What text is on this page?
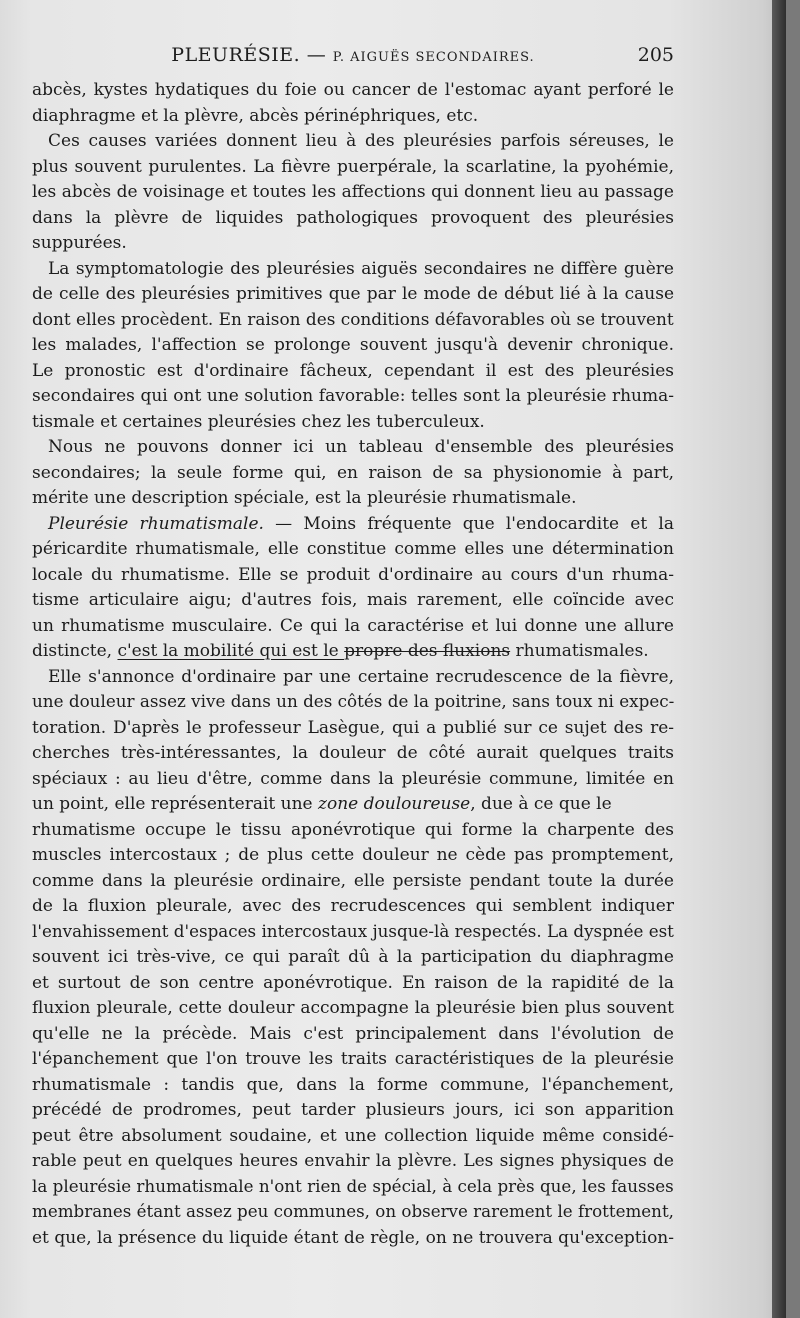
PLEURÉSIE. — P. AIGUËS SECONDAIRES.	205
abcès, kystes hydatiques du foie ou cancer de l'estomac ayant perforé le
diaphragme et la plèvre, abcès périnéphriques, etc.
Ces causes variées donnent lieu à des pleurésies parfois séreuses, le
plus souvent purulentes. La fièvre puerpérale, la scarlatine, la pyohémie,
les abcès de voisinage et toutes les affections qui donnent lieu au passage
dans la plèvre de liquides pathologiques provoquent des pleurésies
suppurées.
La symptomatologie des pleurésies aiguës secondaires ne diffère guère
de celle des pleurésies primitives que par le mode de début lié à la cause
dont elles procèdent. En raison des conditions défavorables où se trouvent
les malades, l'affection se prolonge souvent jusqu'à devenir chronique.
Le pronostic est d'ordinaire fâcheux, cependant il est des pleurésies
secondaires qui ont une solution favorable: telles sont la pleurésie rhuma-
tismale et certaines pleurésies chez les tuberculeux.
Nous ne pouvons donner ici un tableau d'ensemble des pleurésies
secondaires; la seule forme qui, en raison de sa physionomie à part,
mérite une description spéciale, est la pleurésie rhumatismale.
Pleurésie rhumatismale. — Moins fréquente que l'endocardite et la
péricardite rhumatismale, elle constitue comme elles une détermination
locale du rhumatisme. Elle se produit d'ordinaire au cours d'un rhuma-
tisme articulaire aigu; d'autres fois, mais rarement, elle coïncide avec
un rhumatisme musculaire. Ce qui la caractérise et lui donne une allure
distincte, c'est la mobilité qui est le propre des fluxions rhumatismales.
Elle s'annonce d'ordinaire par une certaine recrudescence de la fièvre,
une douleur assez vive dans un des côtés de la poitrine, sans toux ni expec-
toration. D'après le professeur Lasègue, qui a publié sur ce sujet des re-
cherches très-intéressantes, la douleur de côté aurait quelques traits
spéciaux : au lieu d'être, comme dans la pleurésie commune, limitée en
un point, elle représenterait une zone douloureuse, due à ce que le
rhumatisme occupe le tissu aponévrotique qui forme la charpente des
muscles intercostaux ; de plus cette douleur ne cède pas promptement,
comme dans la pleurésie ordinaire, elle persiste pendant toute la durée
de la fluxion pleurale, avec des recrudescences qui semblent indiquer
l'envahissement d'espaces intercostaux jusque-là respectés. La dyspnée est
souvent ici très-vive, ce qui paraît dû à la participation du diaphragme
et surtout de son centre aponévrotique. En raison de la rapidité de la
fluxion pleurale, cette douleur accompagne la pleurésie bien plus souvent
qu'elle ne la précède. Mais c'est principalement dans l'évolution de
l'épanchement que l'on trouve les traits caractéristiques de la pleurésie
rhumatismale : tandis que, dans la forme commune, l'épanchement,
précédé de prodromes, peut tarder plusieurs jours, ici son apparition
peut être absolument soudaine, et une collection liquide même considé-
rable peut en quelques heures envahir la plèvre. Les signes physiques de
la pleurésie rhumatismale n'ont rien de spécial, à cela près que, les fausses
membranes étant assez peu communes, on observe rarement le frottement,
et que, la présence du liquide étant de règle, on ne trouvera qu'exception-
